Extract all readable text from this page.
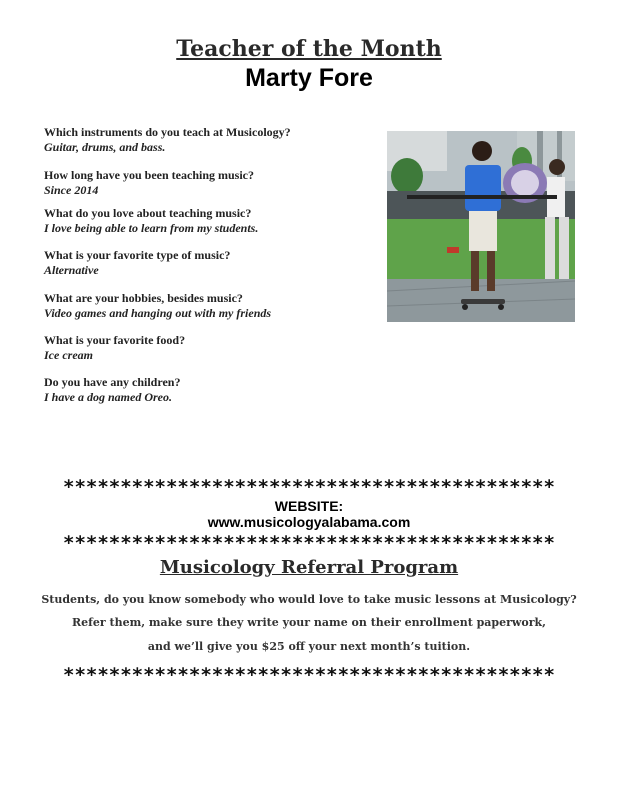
Teacher of the Month
Marty Fore
Which instruments do you teach at Musicology?
Guitar, drums, and bass.
How long have you been teaching music?
Since 2014
What do you love about teaching music?
I love being able to learn from my students.
What is your favorite type of music?
Alternative
What are your hobbies, besides music?
Video games and hanging out with my friends
What is your favorite food?
Ice cream
Do you have any children?
I have a dog named Oreo.
*******************************************
WEBSITE:
www.musicologyalabama.com
*******************************************
Musicology Referral Program
Students, do you know somebody who would love to take music lessons at Musicology?
Refer them, make sure they write your name on their enrollment paperwork,
and we’ll give you $25 off your next month’s tuition.
*******************************************
